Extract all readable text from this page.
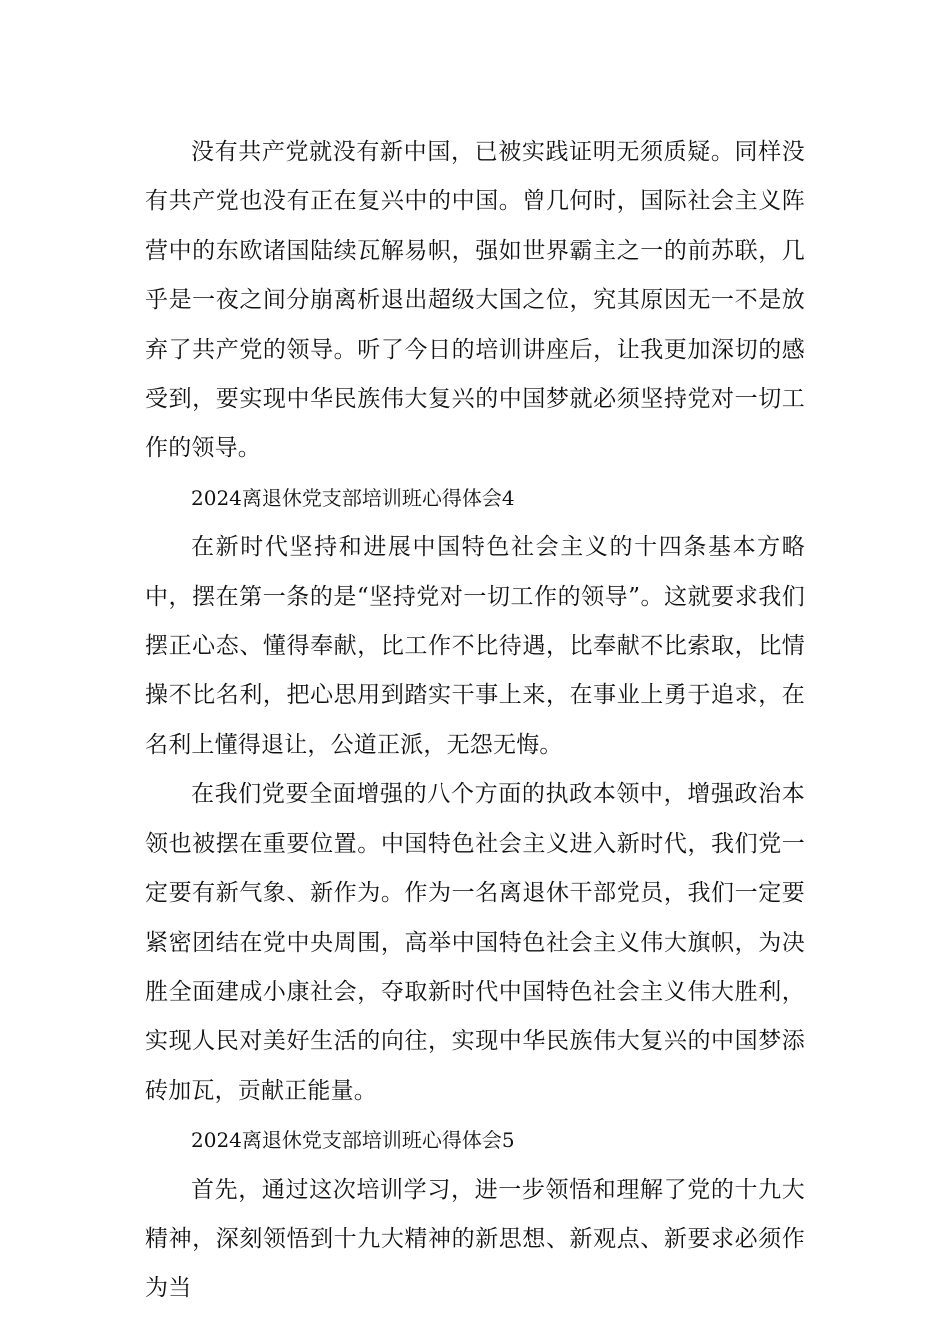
没有共产党就没有新中国，已被实践证明无须质疑。同样没有共产党也没有正在复兴中的中国。曾几何时，国际社会主义阵营中的东欧诸国陆续瓦解易帜，强如世界霸主之一的前苏联，几乎是一夜之间分崩离析退出超级大国之位，究其原因无一不是放弃了共产党的领导。听了今日的培训讲座后，让我更加深切的感受到，要实现中华民族伟大复兴的中国梦就必须坚持党对一切工作的领导。

2024离退休党支部培训班心得体会4

在新时代坚持和进展中国特色社会主义的十四条基本方略中，摆在第一条的是“坚持党对一切工作的领导”。这就要求我们摆正心态、懂得奉献，比工作不比待遇，比奉献不比索取，比情操不比名利，把心思用到踏实干事上来，在事业上勇于追求，在名利上懂得退让，公道正派，无怨无悔。

在我们党要全面增强的八个方面的执政本领中，增强政治本领也被摆在重要位置。中国特色社会主义进入新时代，我们党一定要有新气象、新作为。作为一名离退休干部党员，我们一定要紧密团结在党中央周围，高举中国特色社会主义伟大旗帜，为决胜全面建成小康社会，夺取新时代中国特色社会主义伟大胜利，实现人民对美好生活的向往，实现中华民族伟大复兴的中国梦添砖加瓦，贡献正能量。

2024离退休党支部培训班心得体会5

首先，通过这次培训学习，进一步领悟和理解了党的十九大精神，深刻领悟到十九大精神的新思想、新观点、新要求必须作为当
